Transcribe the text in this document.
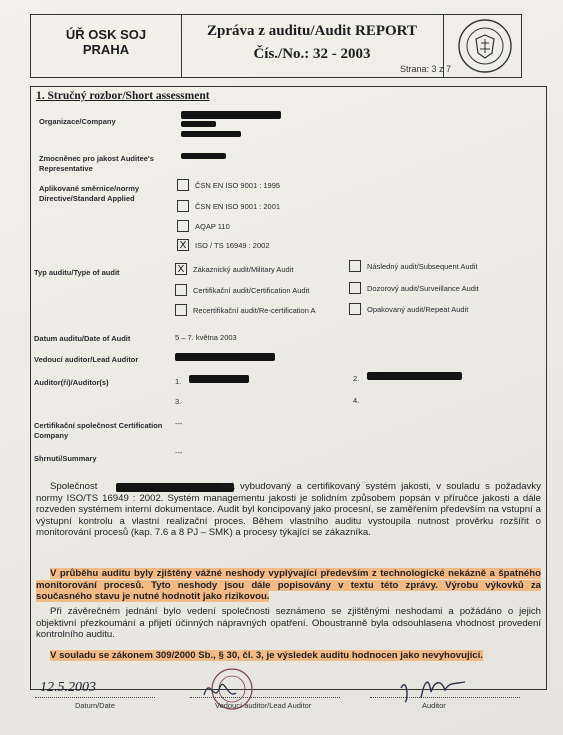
ÚŘ OSK SOJ
PRAHA
Zpráva z auditu/Audit REPORT
Čís./No.: 32 - 2003
Strana: 3 z 7
1. Stručný rozbor/Short assessment
Organizace/Company
Zmocněnec pro jakost Auditee's Representative
Aplikované směrnice/normy Directive/Standard Applied
ČSN EN ISO 9001 : 1995
ČSN EN ISO 9001 : 2001
AQAP 110
X	ISO / TS 16949 : 2002
Typ auditu/Type of audit	X	Zákaznický audit/Military Audit	Následný audit/Subsequent Audit
Certifikační audit/Certification Audit	Dozorový audit/Surveillance Audit
Recertifikační audit/Re-certification A	Opakovaný audit/Repeat Audit
Datum auditu/Date of Audit	5 – 7. května 2003
Vedoucí auditor/Lead Auditor
Auditor(ři)/Auditor(s)	1.	2.
3.	4.
Certifikační společnost Certification Company
---
Shrnutí/Summary
---

Společnost	má vybudovaný a certifikovaný systém jakosti, v souladu s požadavky normy ISO/TS 16949 : 2002. Systém managementu jakosti je solidním způsobem popsán v příručce jakosti a dále rozveden systémem interní dokumentace. Audit byl koncipovaný jako procesní, se zaměřením především na vstupní a výstupní kontrolu a vlastní realizační proces. Během vlastního auditu vystoupila nutnost prověrku rozšířit o monitorování procesů (kap. 7.6 a 8 PJ – SMK) a procesy týkající se zákazníka.

V průběhu auditu byly zjištěny vážné neshody vyplývající především z technologické nekázně a špatného monitorování procesů. Tyto neshody jsou dále popisovány v textu této zprávy. Výrobu výkovků za současného stavu je nutné hodnotit jako rizikovou.

Při závěrečném jednání bylo vedení společnosti seznámeno se zjištěnými neshodami a požádáno o jejich objektivní přezkoumání a přijetí účinných nápravných opatření. Oboustranně byla odsouhlasena vhodnost provedení kontrolního auditu.

V souladu se zákonem 309/2000 Sb., § 30, čl. 3, je výsledek auditu hodnocen jako nevyhovující.

12.5.2003
Datum/Date	Vedoucí auditor/Lead Auditor	Auditor
